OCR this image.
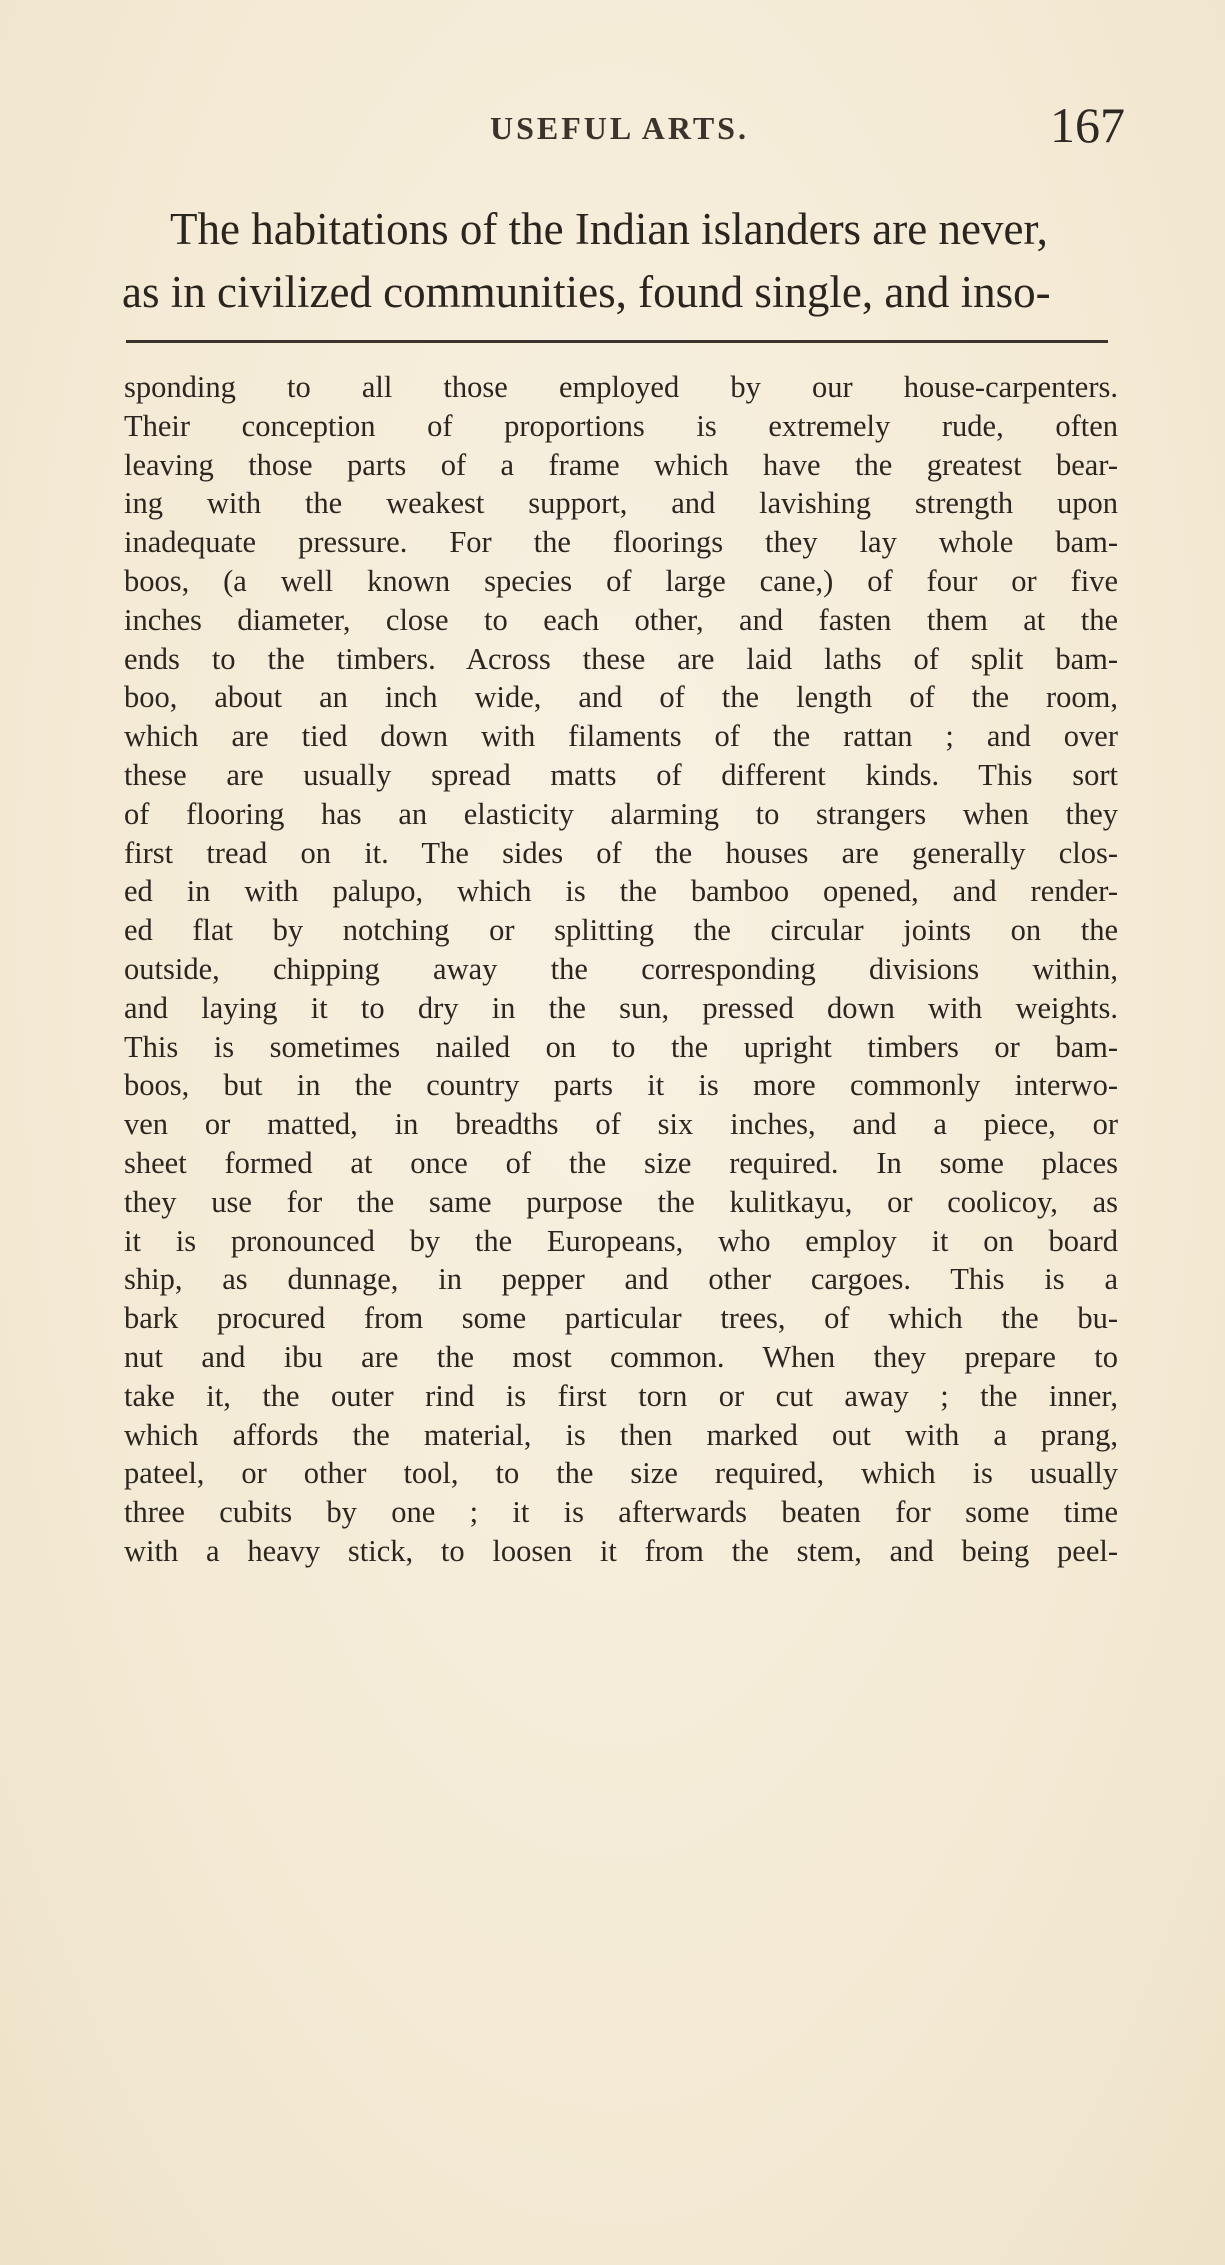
USEFUL ARTS.	167
The habitations of the Indian islanders are never,
as in civilized communities, found single, and inso-
sponding to all those employed by our house-carpenters.
Their conception of proportions is extremely rude, often
leaving those parts of a frame which have the greatest bear-
ing with the weakest support, and lavishing strength upon
inadequate pressure. For the floorings they lay whole bam-
boos, (a well known species of large cane,) of four or five
inches diameter, close to each other, and fasten them at the
ends to the timbers. Across these are laid laths of split bam-
boo, about an inch wide, and of the length of the room,
which are tied down with filaments of the rattan ; and over
these are usually spread matts of different kinds. This sort
of flooring has an elasticity alarming to strangers when they
first tread on it. The sides of the houses are generally clos-
ed in with palupo, which is the bamboo opened, and render-
ed flat by notching or splitting the circular joints on the
outside, chipping away the corresponding divisions within,
and laying it to dry in the sun, pressed down with weights.
This is sometimes nailed on to the upright timbers or bam-
boos, but in the country parts it is more commonly interwo-
ven or matted, in breadths of six inches, and a piece, or
sheet formed at once of the size required. In some places
they use for the same purpose the kulitkayu, or coolicoy, as
it is pronounced by the Europeans, who employ it on board
ship, as dunnage, in pepper and other cargoes. This is a
bark procured from some particular trees, of which the bu-
nut and ibu are the most common. When they prepare to
take it, the outer rind is first torn or cut away ; the inner,
which affords the material, is then marked out with a prang,
pateel, or other tool, to the size required, which is usually
three cubits by one ; it is afterwards beaten for some time
with a heavy stick, to loosen it from the stem, and being peel-
